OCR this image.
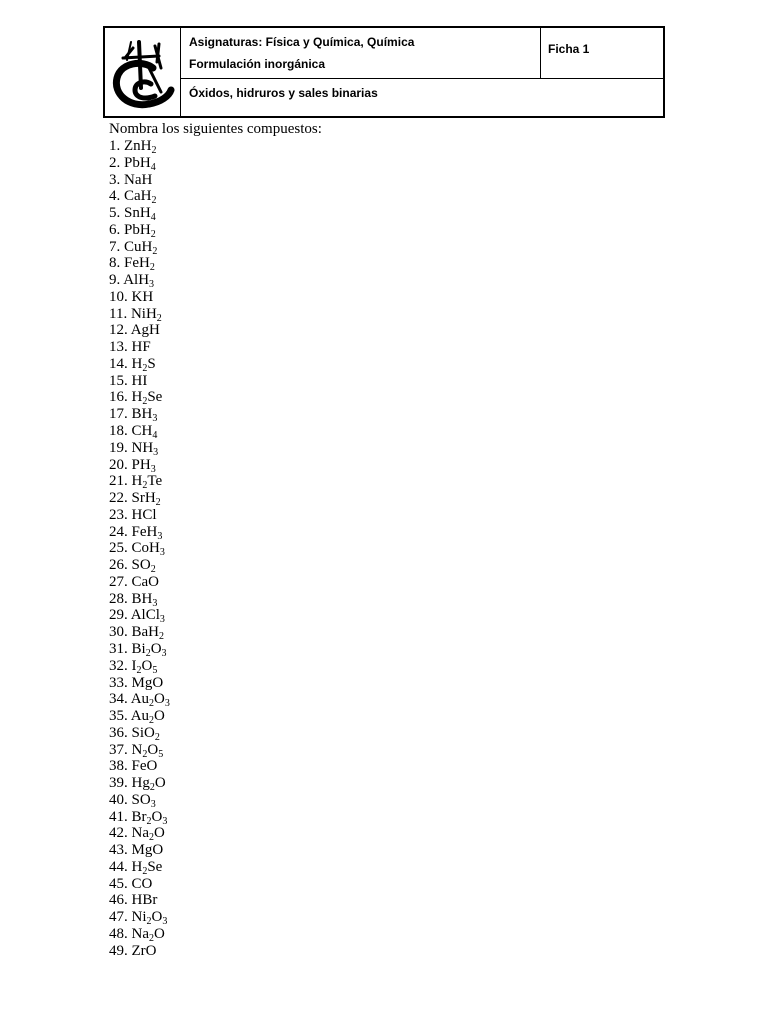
Asignaturas: Física y Química, Química
Formulación inorgánica
Ficha 1
Óxidos, hidruros y sales binarias
Nombra los siguientes compuestos:
1. ZnH$_2$
2. PbH$_4$
3. NaH
4. CaH$_2$
5. SnH$_4$
6. PbH$_2$
7. CuH$_2$
8. FeH$_2$
9. AlH$_3$
10. KH
11. NiH$_2$
12. AgH
13. HF
14. $H_2S$
15. HI
16. $H_2Se$
17. $BH_3$
18. $CH_4$
19. $NH_3$
20. $PH_3$
21. $H_2Te$
22. SrH$_2$
23. HCl
24. FeH$_3$
25. CoH$_3$
26. $SO_2$
27. CaO
28. $BH_3$
29. AlCl$_3$
30. BaH$_2$
31. $Bi_2O_3$
32. $I_2O_5$
33. MgO
34. $Au_2O_3$
35. $Au_2O$
36. SiO$_2$
37. $N_2O_5$
38. FeO
39. $Hg_2O$
40. $SO_3$
41. $Br_2O_3$
42. $Na_2O$
43. MgO
44. $H_2Se$
45. CO
46. HBr
47. $Ni_2O_3$
48. $Na_2O$
49. ZrO
